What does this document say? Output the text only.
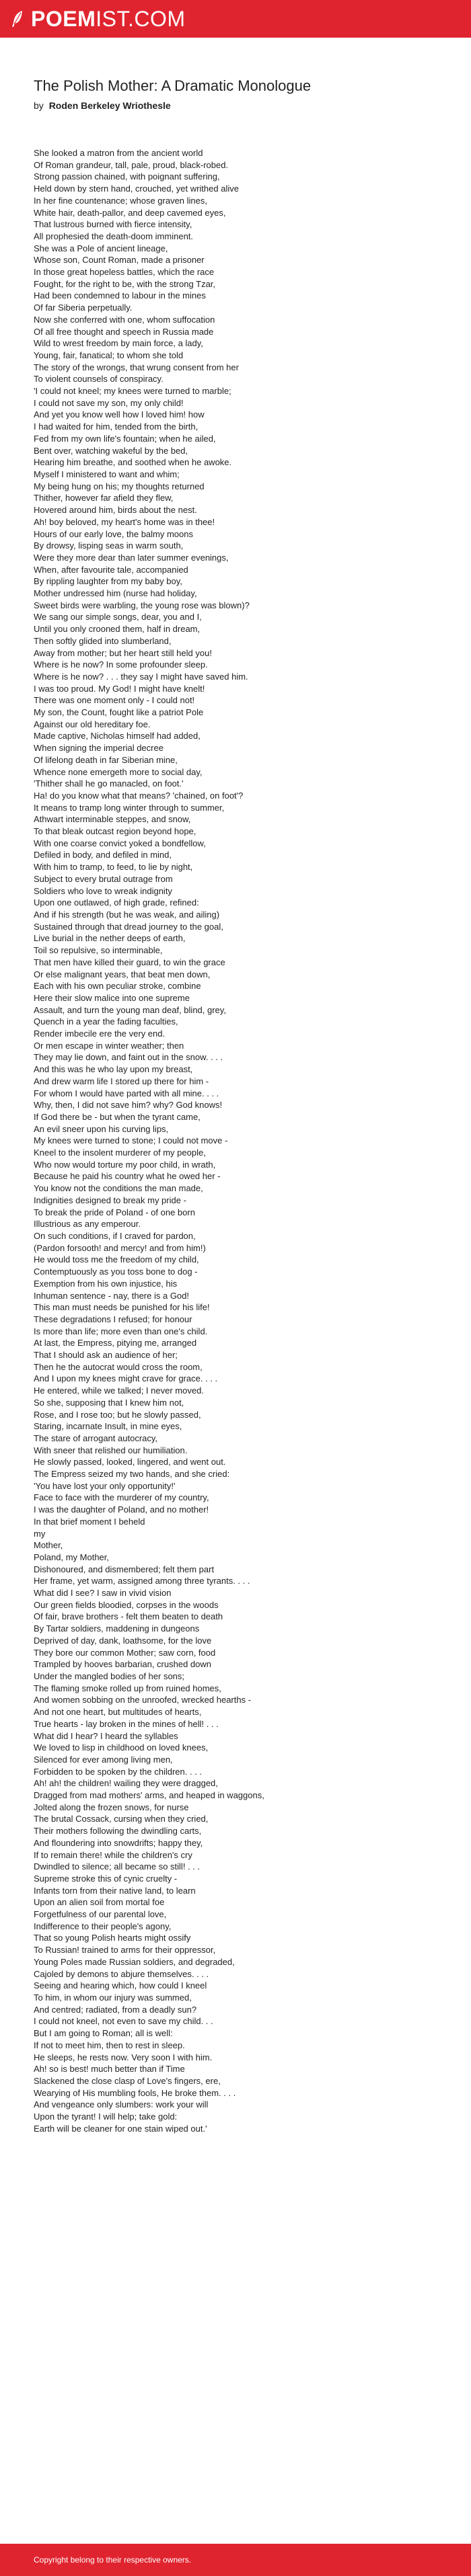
POEMIST.COM
The Polish Mother: A Dramatic Monologue
by Roden Berkeley Wriothesle
She looked a matron from the ancient world
Of Roman grandeur, tall, pale, proud, black-robed.
Strong passion chained, with poignant suffering,
Held down by stern hand, crouched, yet writhed alive
In her fine countenance; whose graven lines,
White hair, death-pallor, and deep cavemed eyes,
That lustrous burned with fierce intensity,
All prophesied the death-doom imminent.
She was a Pole of ancient lineage,
Whose son, Count Roman, made a prisoner
In those great hopeless battles, which the race
Fought, for the right to be, with the strong Tzar,
Had been condemned to labour in the mines
Of far Siberia perpetually.
Now she conferred with one, whom suffocation
Of all free thought and speech in Russia made
Wild to wrest freedom by main force, a lady,
Young, fair, fanatical; to whom she told
The story of the wrongs, that wrung consent from her
To violent counsels of conspiracy.
'I could not kneel; my knees were turned to marble;
I could not save my son, my only child!
And yet you know well how I loved him! how
I had waited for him, tended from the birth,
Fed from my own life's fountain; when he ailed,
Bent over, watching wakeful by the bed,
Hearing him breathe, and soothed when he awoke.
Myself I ministered to want and whim;
My being hung on his; my thoughts returned
Thither, however far afield they flew,
Hovered around him, birds about the nest.
Ah! boy beloved, my heart's home was in thee!
Hours of our early love, the balmy moons
By drowsy, lisping seas in warm south,
Were they more dear than later summer evenings,
When, after favourite tale, accompanied
By rippling laughter from my baby boy,
Mother undressed him (nurse had holiday,
Sweet birds were warbling, the young rose was blown)?
We sang our simple songs, dear, you and I,
Until you only crooned them, half in dream,
Then softly glided into slumberland,
Away from mother; but her heart still held you!
Where is he now? In some profounder sleep.
Where is he now? . . . they say I might have saved him.
I was too proud. My God! I might have knelt!
There was one moment only - I could not!
My son, the Count, fought like a patriot Pole
Against our old hereditary foe.
Made captive, Nicholas himself had added,
When signing the imperial decree
Of lifelong death in far Siberian mine,
Whence none emergeth more to social day,
'Thither shall he go manacled, on foot.'
Ha! do you know what that means? 'chained, on foot'?
It means to tramp long winter through to summer,
Athwart interminable steppes, and snow,
To that bleak outcast region beyond hope,
With one coarse convict yoked a bondfellow,
Defiled in body, and defiled in mind,
With him to tramp, to feed, to lie by night,
Subject to every brutal outrage from
Soldiers who love to wreak indignity
Upon one outlawed, of high grade, refined:
And if his strength (but he was weak, and ailing)
Sustained through that dread journey to the goal,
Live burial in the nether deeps of earth,
Toil so repulsive, so interminable,
That men have killed their guard, to win the grace
Or else malignant years, that beat men down,
Each with his own peculiar stroke, combine
Here their slow malice into one supreme
Assault, and turn the young man deaf, blind, grey,
Quench in a year the fading faculties,
Render imbecile ere the very end.
Or men escape in winter weather; then
They may lie down, and faint out in the snow. . . .
And this was he who lay upon my breast,
And drew warm life I stored up there for him -
For whom I would have parted with all mine. . . .
Why, then, I did not save him? why? God knows!
If God there be - but when the tyrant came,
An evil sneer upon his curving lips,
My knees were turned to stone; I could not move -
Kneel to the insolent murderer of my people,
Who now would torture my poor child, in wrath,
Because he paid his country what he owed her -
You know not the conditions the man made,
Indignities designed to break my pride -
To break the pride of Poland - of one born
Illustrious as any emperour.
On such conditions, if I craved for pardon,
(Pardon forsooth! and mercy! and from him!)
He would toss me the freedom of my child,
Contemptuously as you toss bone to dog -
Exemption from his own injustice, his
Inhuman sentence - nay, there is a God!
This man must needs be punished for his life!
These degradations I refused; for honour
Is more than life; more even than one's child.
At last, the Empress, pitying me, arranged
That I should ask an audience of her;
Then he the autocrat would cross the room,
And I upon my knees might crave for grace. . . .
He entered, while we talked; I never moved.
So she, supposing that I knew him not,
Rose, and I rose too; but he slowly passed,
Staring, incarnate Insult, in mine eyes,
The stare of arrogant autocracy,
With sneer that relished our humiliation.
He slowly passed, looked, lingered, and went out.
The Empress seized my two hands, and she cried:
'You have lost your only opportunity!'
Face to face with the murderer of my country,
I was the daughter of Poland, and no mother!
In that brief moment I beheld
my
Mother,
Poland, my Mother,
Dishonoured, and dismembered; felt them part
Her frame, yet warm, assigned among three tyrants. . . .
What did I see? I saw in vivid vision
Our green fields bloodied, corpses in the woods
Of fair, brave brothers - felt them beaten to death
By Tartar soldiers, maddening in dungeons
Deprived of day, dank, loathsome, for the love
They bore our common Mother; saw corn, food
Trampled by hooves barbarian, crushed down
Under the mangled bodies of her sons;
The flaming smoke rolled up from ruined homes,
And women sobbing on the unroofed, wrecked hearths -
And not one heart, but multitudes of hearts,
True hearts - lay broken in the mines of hell! . . .
What did I hear? I heard the syllables
We loved to lisp in childhood on loved knees,
Silenced for ever among living men,
Forbidden to be spoken by the children. . . .
Ah! ah! the children! wailing they were dragged,
Dragged from mad mothers' arms, and heaped in waggons,
Jolted along the frozen snows, for nurse
The brutal Cossack, cursing when they cried,
Their mothers following the dwindling carts,
And floundering into snowdrifts; happy they,
If to remain there! while the children's cry
Dwindled to silence; all became so still! . . .
Supreme stroke this of cynic cruelty -
Infants torn from their native land, to learn
Upon an alien soil from mortal foe
Forgetfulness of our parental love,
Indifference to their people's agony,
That so young Polish hearts might ossify
To Russian! trained to arms for their oppressor,
Young Poles made Russian soldiers, and degraded,
Cajoled by demons to abjure themselves. . . .
Seeing and hearing which, how could I kneel
To him, in whom our injury was summed,
And centred; radiated, from a deadly sun?
I could not kneel, not even to save my child. . .
But I am going to Roman; all is well:
If not to meet him, then to rest in sleep.
He sleeps, he rests now. Very soon I with him.
Ah! so is best! much better than if Time
Slackened the close clasp of Love's fingers, ere,
Wearying of His mumbling fools, He broke them. . . .
And vengeance only slumbers: work your will
Upon the tyrant! I will help; take gold:
Earth will be cleaner for one stain wiped out.'
Copyright belong to their respective owners.
